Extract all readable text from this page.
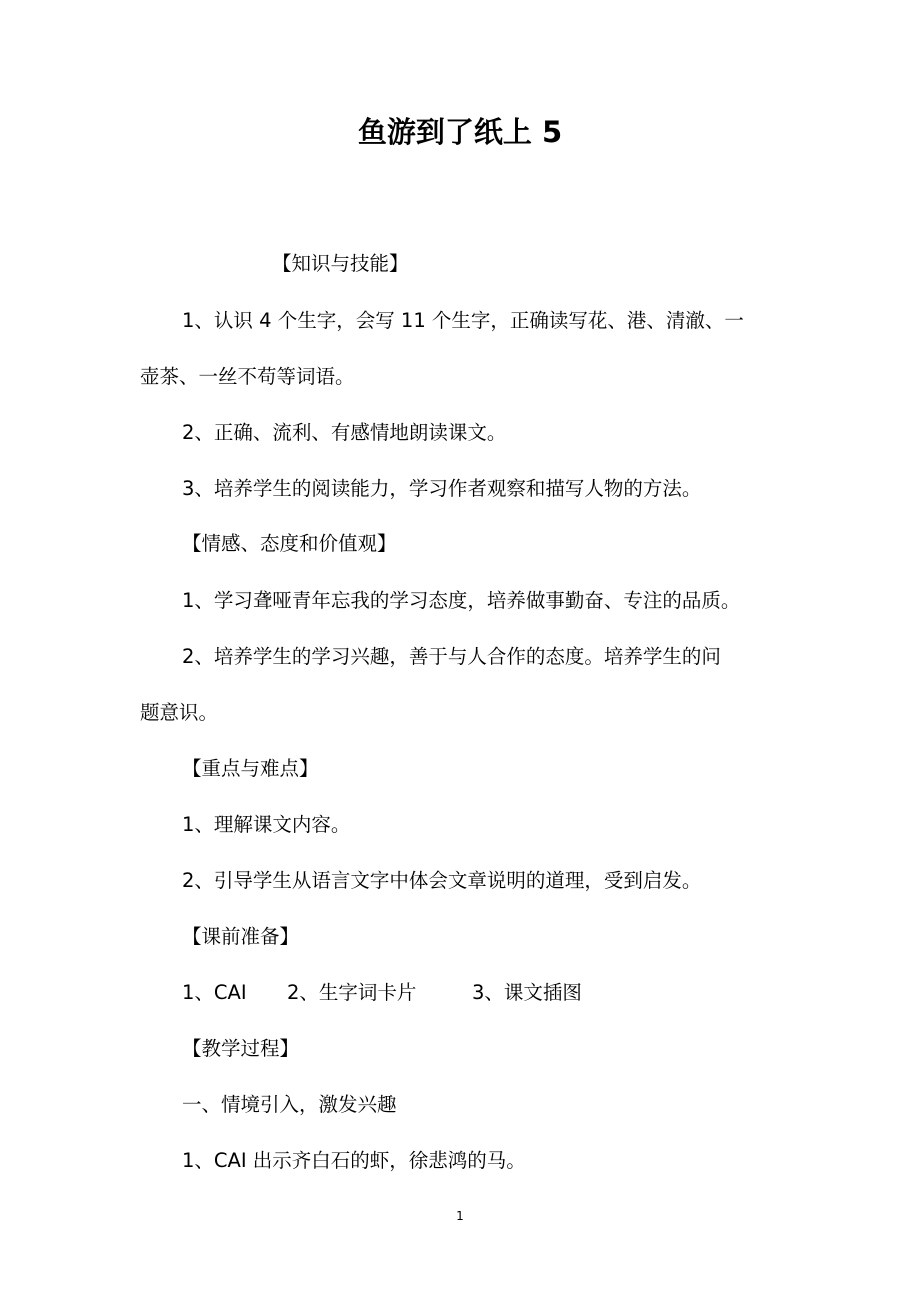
鱼游到了纸上 5
【知识与技能】
1、认识 4 个生字，会写 11 个生字，正确读写花、港、清澈、一
壶茶、一丝不苟等词语。
2、正确、流利、有感情地朗读课文。
3、培养学生的阅读能力，学习作者观察和描写人物的方法。
【情感、态度和价值观】
1、学习聋哑青年忘我的学习态度，培养做事勤奋、专注的品质。
2、培养学生的学习兴趣，善于与人合作的态度。培养学生的问
题意识。
【重点与难点】
1、理解课文内容。
2、引导学生从语言文字中体会文章说明的道理，受到启发。
【课前准备】
1、CAI 2、生字词卡片	3、课文插图
【教学过程】
一、情境引入，激发兴趣
1、CAI 出示齐白石的虾，徐悲鸿的马。
1
